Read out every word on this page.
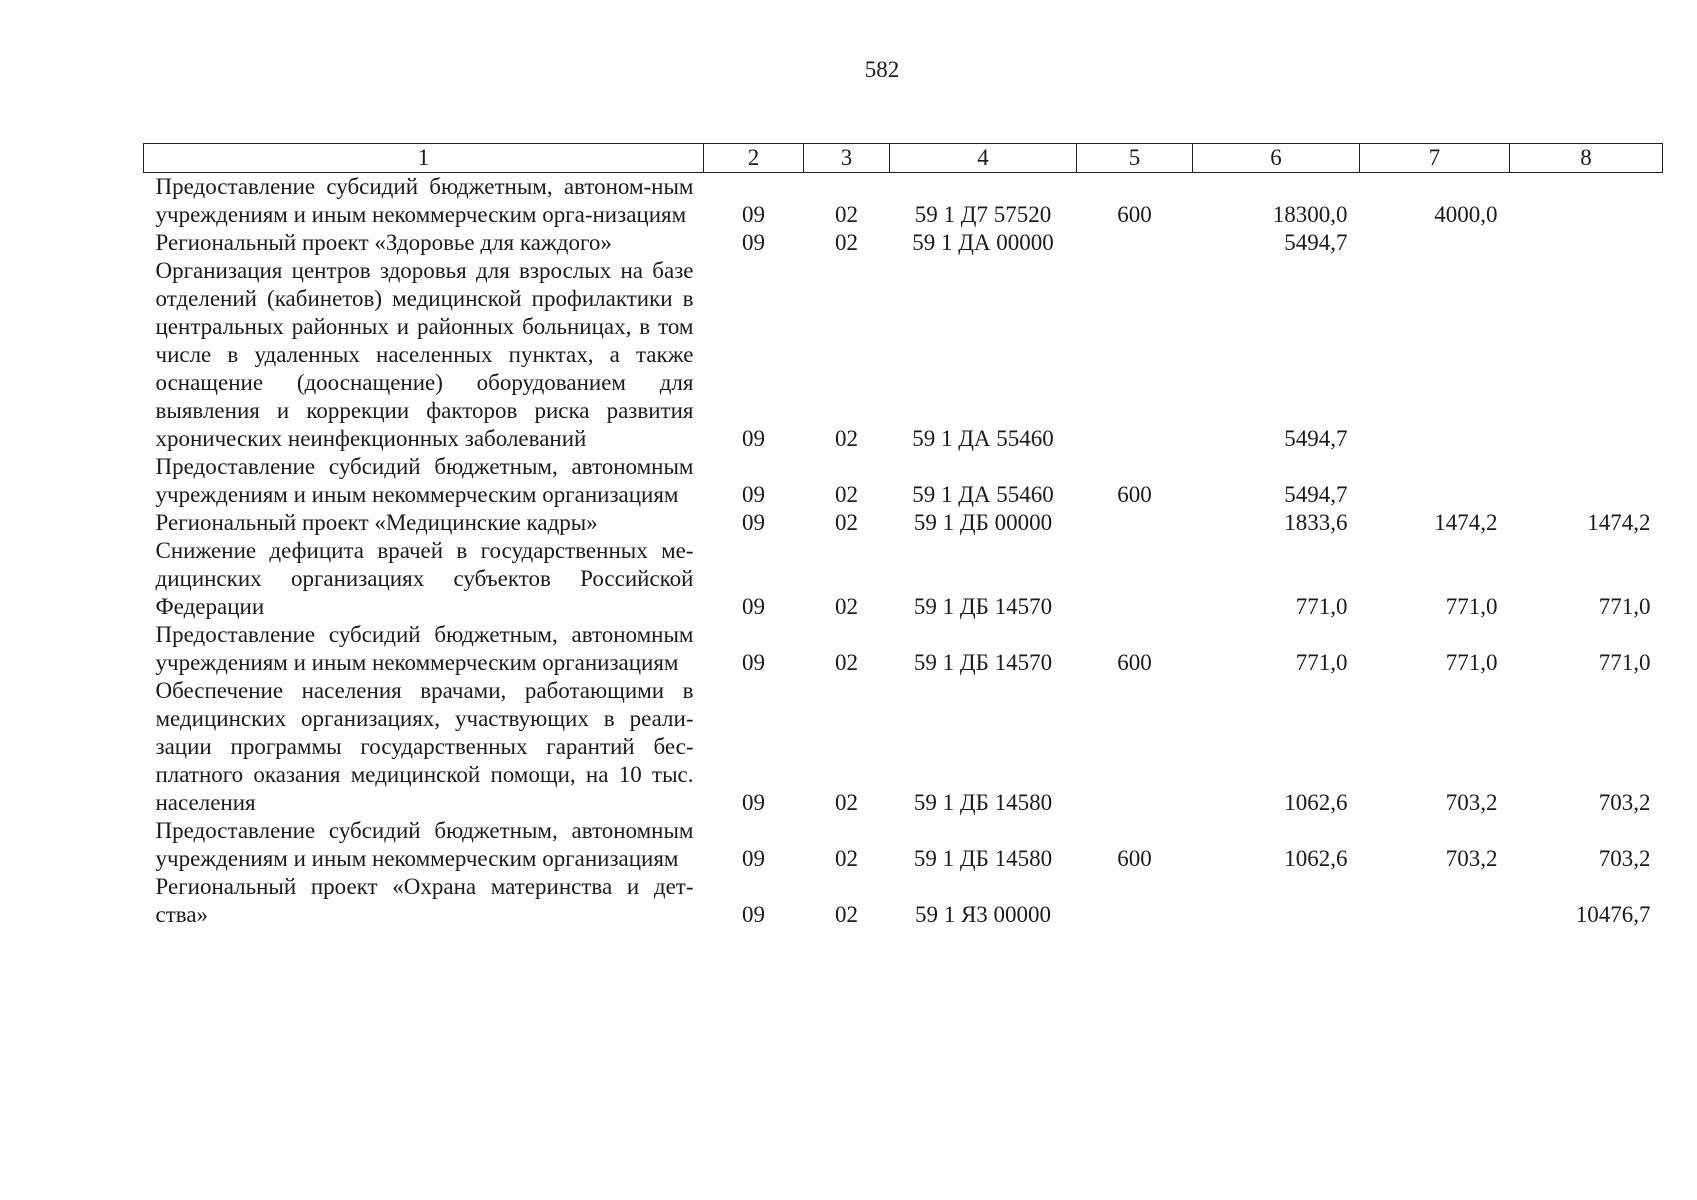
582
1	2	3	4	5	6	7	8
Предоставление субсидий бюджетным, автоном-ным учреждениям и иным некоммерческим орга-низациям	09	02	59 1 Д7 57520	600	18300,0	4000,0	
Региональный проект «Здоровье для каждого»	09	02	59 1 ДА 00000		5494,7		
Организация центров здоровья для взрослых на базе отделений (кабинетов) медицинской профилактики в центральных районных и районных больницах, в том числе в удаленных населенных пунктах, а также оснащение (дооснащение) оборудованием для выявления и коррекции факторов риска развития хронических неинфекционных заболеваний	09	02	59 1 ДА 55460		5494,7		
Предоставление субсидий бюджетным, автономным учреждениям и иным некоммерческим организациям	09	02	59 1 ДА 55460	600	5494,7		
Региональный проект «Медицинские кадры»	09	02	59 1 ДБ 00000		1833,6	1474,2	1474,2
Снижение дефицита врачей в государственных медицинских организациях субъектов Российской Федерации	09	02	59 1 ДБ 14570		771,0	771,0	771,0
Предоставление субсидий бюджетным, автономным учреждениям и иным некоммерческим организациям	09	02	59 1 ДБ 14570	600	771,0	771,0	771,0
Обеспечение населения врачами, работающими в медицинских организациях, участвующих в реализации программы государственных гарантий бесплатного оказания медицинской помощи, на 10 тыс. населения	09	02	59 1 ДБ 14580		1062,6	703,2	703,2
Предоставление субсидий бюджетным, автономным учреждениям и иным некоммерческим организациям	09	02	59 1 ДБ 14580	600	1062,6	703,2	703,2
Региональный проект «Охрана материнства и детства»	09	02	59 1 Я3 00000				10476,7
